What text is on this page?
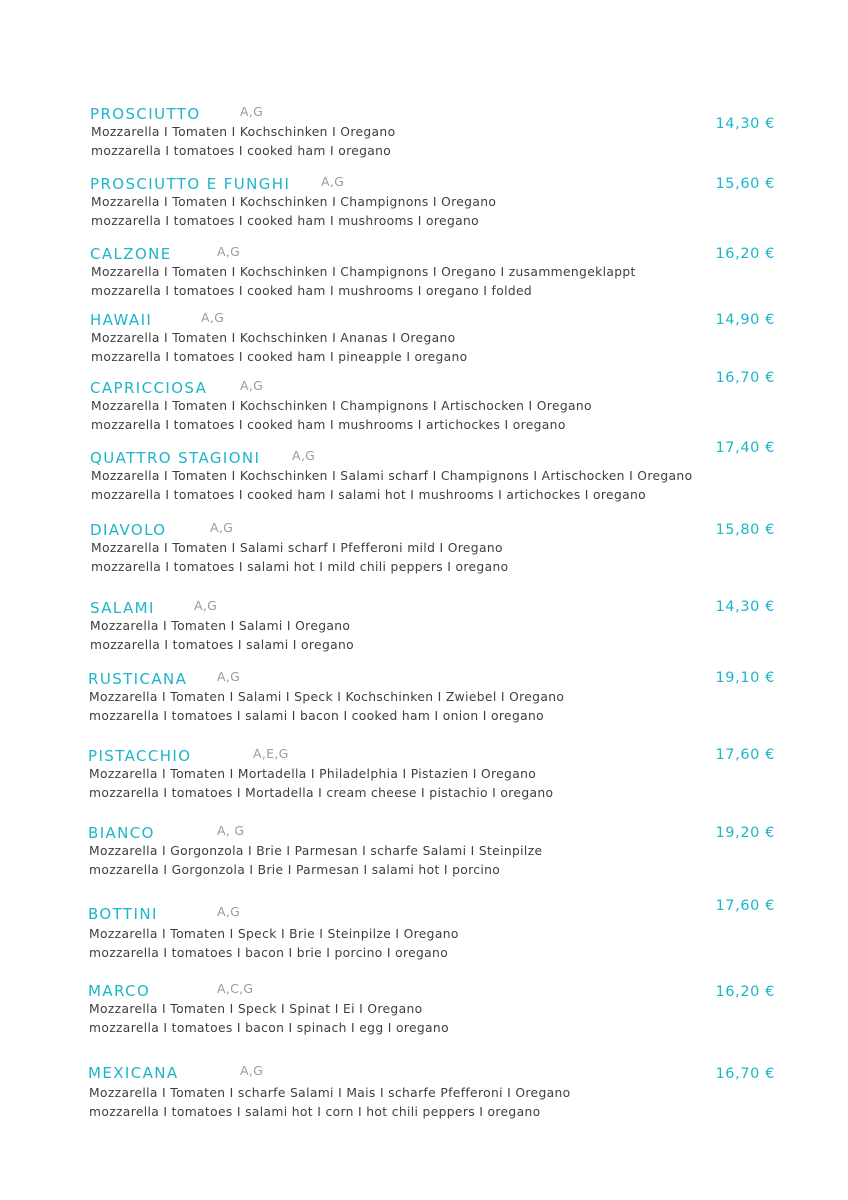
PROSCIUTTO	A,G
Mozzarella I Tomaten I Kochschinken I Oregano
mozzarella I tomatoes I cooked ham I oregano
14,30 €
PROSCIUTTO E FUNGHI A,G
Mozzarella I Tomaten I Kochschinken I Champignons I Oregano
mozzarella I tomatoes I cooked ham I mushrooms I oregano
15,60 €
CALZONE	A,G
Mozzarella I Tomaten I Kochschinken I Champignons I Oregano I zusammengeklappt
mozzarella I tomatoes I cooked ham I mushrooms I oregano I folded
16,20 €
HAWAII	A,G
Mozzarella I Tomaten I Kochschinken I Ananas I Oregano
mozzarella I tomatoes I cooked ham I pineapple I oregano
14,90 €
CAPRICCIOSA	A,G
Mozzarella I Tomaten I Kochschinken I Champignons I Artischocken I Oregano
mozzarella I tomatoes I cooked ham I mushrooms I artichockes I oregano
16,70 €
QUATTRO STAGIONI	A,G
Mozzarella I Tomaten I Kochschinken I Salami scharf I Champignons I Artischocken I Oregano
mozzarella I tomatoes I cooked ham I salami hot I mushrooms I artichockes I oregano
17,40 €
DIAVOLO	A,G
Mozzarella I Tomaten I Salami scharf I Pfefferoni mild I Oregano
mozzarella I tomatoes I salami hot I mild chili peppers I oregano
15,80 €
SALAMI	A,G
Mozzarella I Tomaten I Salami I Oregano
mozzarella I tomatoes I salami I oregano
14,30 €
RUSTICANA A,G
Mozzarella I Tomaten I Salami I Speck I Kochschinken I Zwiebel I Oregano
mozzarella I tomatoes I salami I bacon I cooked ham I onion I oregano
19,10 €
PISTACCHIO	A,E,G
Mozzarella I Tomaten I Mortadella I Philadelphia I Pistazien I Oregano
mozzarella I tomatoes I Mortadella I cream cheese I pistachio I oregano
17,60 €
BIANCO	A, G
Mozzarella I Gorgonzola I Brie I Parmesan I scharfe Salami I Steinpilze
mozzarella I Gorgonzola I Brie I Parmesan I salami hot I porcino
19,20 €
BOTTINI	A,G
Mozzarella I Tomaten I Speck I Brie I Steinpilze I Oregano
mozzarella I tomatoes I bacon I brie I porcino I oregano
17,60 €
MARCO	A,C,G
Mozzarella I Tomaten I Speck I Spinat I Ei I Oregano
mozzarella I tomatoes I bacon I spinach I egg I oregano
16,20 €
MEXICANA	A,G
Mozzarella I Tomaten I scharfe Salami I Mais I scharfe Pfefferoni I Oregano
mozzarella I tomatoes I salami hot I corn I hot chili peppers I oregano
16,70 €
